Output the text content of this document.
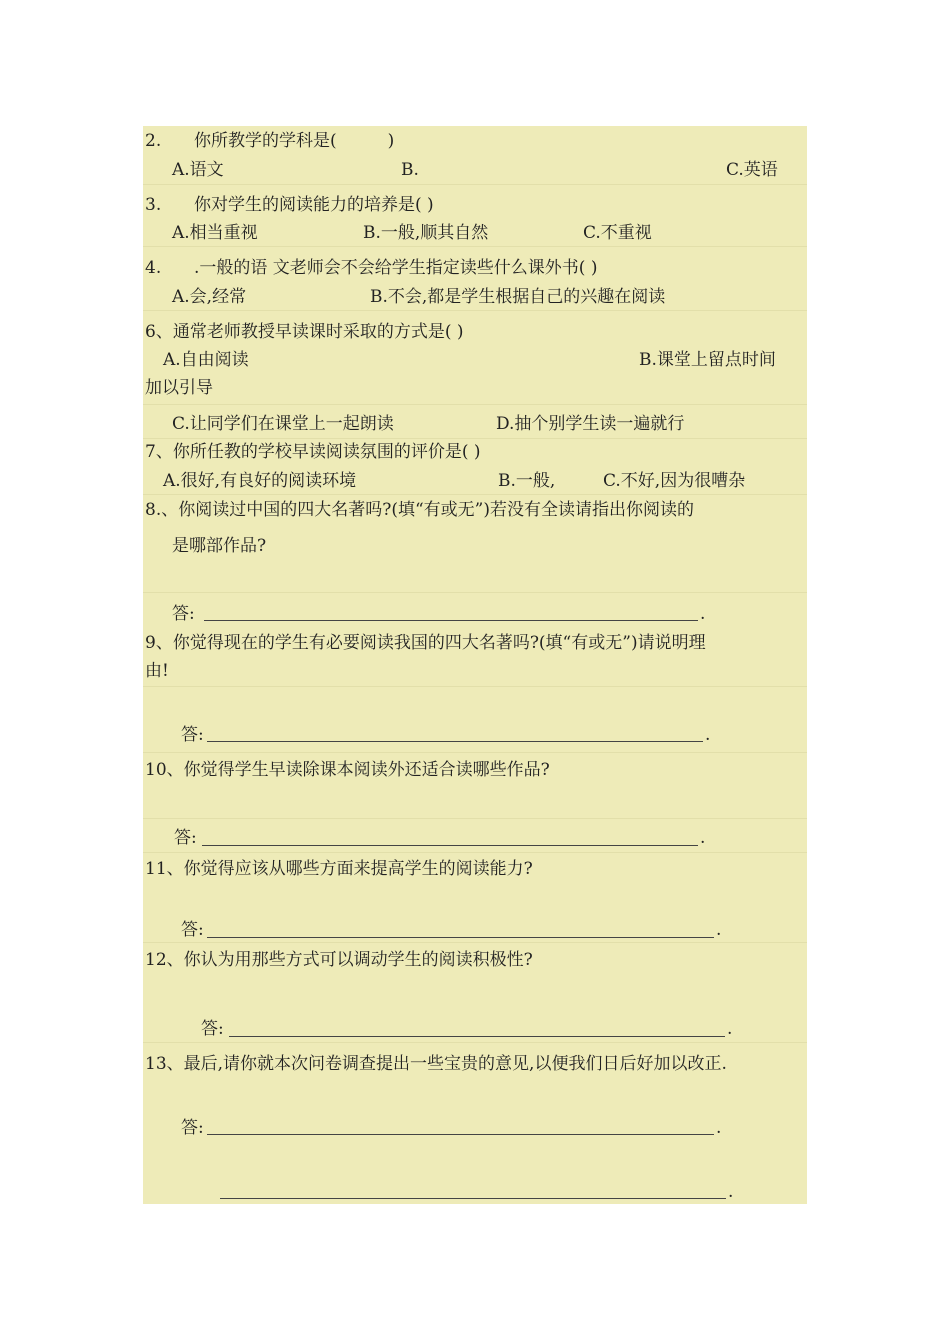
2. 你所教学的学科是(　　　)
A.语文	B.	C.英语
3. 你对学生的阅读能力的培养是( )
A.相当重视	B.一般,顺其自然	C.不重视
4. .一般的语 文老师会不会给学生指定读些什么课外书( )
A.会,经常	B.不会,都是学生根据自己的兴趣在阅读
6、通常老师教授早读课时采取的方式是( )
A.自由阅读	B.课堂上留点时间
加以引导
C.让同学们在课堂上一起朗读	D.抽个别学生读一遍就行
7、你所任教的学校早读阅读氛围的评价是( )
A.很好,有良好的阅读环境	B.一般,	C.不好,因为很嘈杂
8.、你阅读过中国的四大名著吗?(填“有或无”)若没有全读请指出你阅读的
是哪部作品?
答:	.
9、你觉得现在的学生有必要阅读我国的四大名著吗?(填“有或无”)请说明理
由!
答:	.
10、你觉得学生早读除课本阅读外还适合读哪些作品?
答:	.
11、你觉得应该从哪些方面来提高学生的阅读能力?
答:	.
12、你认为用那些方式可以调动学生的阅读积极性?
答:	.
13、最后,请你就本次问卷调查提出一些宝贵的意见,以便我们日后好加以改正.
答:	.
.
